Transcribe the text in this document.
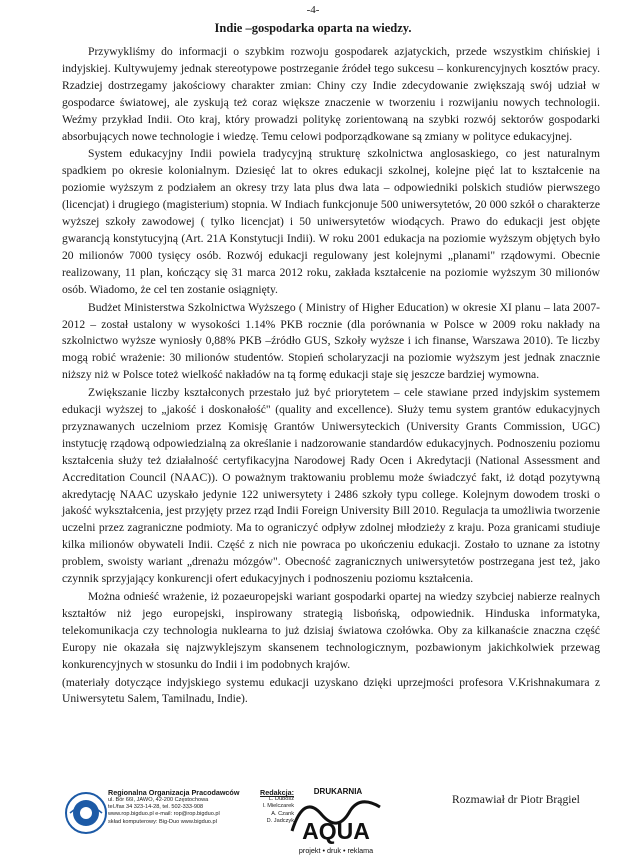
-4-
Indie –gospodarka oparta na wiedzy.

Przywykliśmy do informacji o szybkim rozwoju gospodarek azjatyckich, przede wszystkim chińskiej i indyjskiej. Kultywujemy jednak stereotypowe postrzeganie źródeł tego sukcesu – konkurencyjnych kosztów pracy. Rzadziej dostrzegamy jakościowy charakter zmian: Chiny czy Indie zdecydowanie zwiększają swój udział w gospodarce światowej, ale zyskują też coraz większe znaczenie w tworzeniu i rozwijaniu nowych technologii. Weźmy przykład Indii. Oto kraj, który prowadzi politykę zorientowaną na szybki rozwój sektorów gospodarki absorbujących nowe technologie i wiedzę. Temu celowi podporządkowane są zmiany w polityce edukacyjnej.

System edukacyjny Indii powiela tradycyjną strukturę szkolnictwa anglosaskiego, co jest naturalnym spadkiem po okresie kolonialnym. Dziesięć lat to okres edukacji szkolnej, kolejne pięć lat to kształcenie na poziomie wyższym z podziałem an okresy trzy lata plus dwa lata – odpowiedniki polskich studiów pierwszego (licencjat) i drugiego (magisterium) stopnia. W Indiach funkcjonuje 500 uniwersytetów, 20 000 szkół o charakterze wyższej szkoły zawodowej ( tylko licencjat) i 50 uniwersytetów wiodących. Prawo do edukacji jest objęte gwarancją konstytucyjną (Art. 21A Konstytucji Indii). W roku 2001 edukacja na poziomie wyższym objętych było 20 milionów 7000 tysięcy osób. Rozwój edukacji regulowany jest kolejnymi „planami" rządowymi. Obecnie realizowany, 11 plan, kończący się 31 marca 2012 roku, zakłada kształcenie na poziomie wyższym 30 milionów osób. Wiadomo, że cel ten zostanie osiągnięty.

Budżet Ministerstwa Szkolnictwa Wyższego ( Ministry of Higher Education) w okresie XI planu – lata 2007-2012 – został ustalony w wysokości 1.14% PKB rocznie (dla porównania w Polsce w 2009 roku nakłady na szkolnictwo wyższe wyniosły 0,88% PKB –źródło GUS, Szkoły wyższe i ich finanse, Warszawa 2010). Te liczby mogą robić wrażenie: 30 milionów studentów. Stopień scholaryzacji na poziomie wyższym jest jednak znacznie niższy niż w Polsce toteż wielkość nakładów na tą formę edukacji staje się jeszcze bardziej wymowna.

Zwiększanie liczby kształconych przestało już być priorytetem – cele stawiane przed indyjskim systemem edukacji wyższej to „jakość i doskonałość" (quality and excellence). Służy temu system grantów edukacyjnych przyznawanych uczelniom przez Komisję Grantów Uniwersyteckich (University Grants Commission, UGC) instytucję rządową odpowiedzialną za określanie i nadzorowanie standardów edukacyjnych. Podnoszeniu poziomu kształcenia służy też działalność certyfikacyjna Narodowej Rady Ocen i Akredytacji (National Assessment and Accreditation Council (NAAC)). O poważnym traktowaniu problemu może świadczyć fakt, iż dotąd pozytywną akredytację NAAC uzyskało jedynie 122 uniwersytety i 2486 szkoły typu college. Kolejnym dowodem troski o jakość wykształcenia, jest przyjęty przez rząd Indii Foreign University Bill 2010. Regulacja ta umożliwia tworzenie uczelni przez zagraniczne podmioty. Ma to ograniczyć odpływ zdolnej młodzieży z kraju. Poza granicami studiuje kilka milionów obywateli Indii. Część z nich nie powraca po ukończeniu edukacji. Zostało to uznane za istotny problem, swoisty wariant „drenażu mózgów". Obecność zagranicznych uniwersytetów postrzegana jest też, jako czynnik sprzyjający konkurencji ofert edukacyjnych i podnoszeniu poziomu kształcenia.

Można odnieść wrażenie, iż pozaeuropejski wariant gospodarki opartej na wiedzy szybciej nabierze realnych kształtów niż jego europejski, inspirowany strategią lisbońską, odpowiednik. Hinduska informatyka, telekomunikacja czy technologia nuklearna to już dzisiaj światowa czołówka. Oby za kilkanaście znaczna część Europy nie okazała się najzwyklejszym skansenem technologicznym, pozbawionym jakichkolwiek przewag konkurencyjnych w stosunku do Indii i im podobnych krajów.

(materiały dotyczące indyjskiego systemu edukacji uzyskano dzięki uprzejmości profesora V.Krishnakumara z Uniwersytetu Salem, Tamilnadu, Indie).

Regionalna Organizacja Pracodawców
ul. Bór 66I, JAWO, 42-200 Częstochowa
tel./fax 34 323-14-28, tel. 502-333-908
www.rop.bigduo.pl e-mail: rop@rop.bigduo.pl
skład komputerowy: Big-Duo www.bigduo.pl
Redakcja:
L. Dubosz
I. Mielczarek
A. Czank
D. Jadczyk
DRUKARNIA
AQUA
projekt • druk • reklama
Rozmawiał dr Piotr Brągiel
